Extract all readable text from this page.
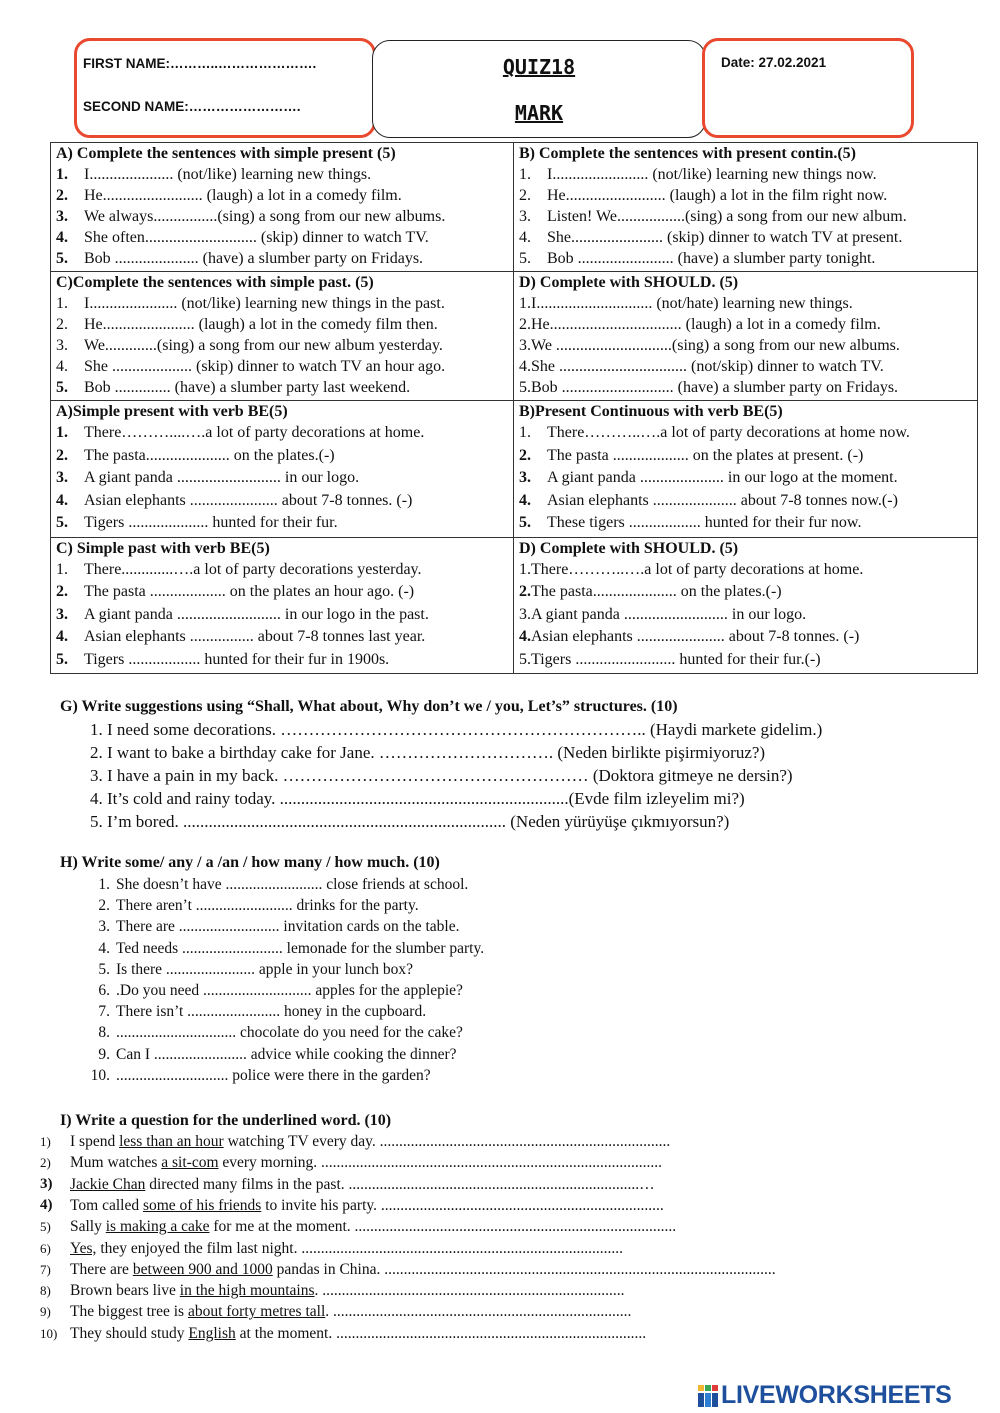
FIRST NAME:………..………………….
SECOND NAME:…………………….
QUIZ18
MARK
Date: 27.02.2021
A) Complete the sentences with simple present (5)
1.	I..................... (not/like) learning new things.
2.	He......................... (laugh) a lot in a comedy film.
3.	We always................(sing) a song from our new albums.
4.	She often............................ (skip) dinner to watch TV.
5.	Bob ..................... (have) a slumber party on Fridays.
B) Complete the sentences with present contin.(5)
1.	I........................ (not/like) learning new things now.
2.	He......................... (laugh) a lot in the film right now.
3.	Listen! We.................(sing) a song from our new album.
4.	She....................... (skip) dinner to watch TV at present.
5.	Bob ........................ (have) a slumber party tonight.
C)Complete the sentences with simple past. (5)
1.	I...................... (not/like) learning new things in the past.
2.	He....................... (laugh) a lot in the comedy film then.
3.	We.............(sing) a song from our new album yesterday.
4.	She .................... (skip) dinner to watch TV an hour ago.
5.	Bob .............. (have) a slumber party last weekend.
D) Complete with SHOULD. (5)
1. I............................. (not/hate) learning new things.
2. He................................. (laugh) a lot in a comedy film.
3. We .............................(sing) a song from our new albums.
4. She ................................ (not/skip) dinner to watch TV.
5. Bob ............................ (have) a slumber party on Fridays.
A)Simple present with verb BE(5)
1.	There………....….a lot of party decorations at home.
2.	The pasta..................... on the plates.(-)
3.	A giant panda .......................... in our logo.
4.	Asian elephants ...................... about 7-8 tonnes. (-)
5.	Tigers .................... hunted for their fur.
B)Present Continuous with verb BE(5)
1.	There………..….a lot of party decorations at home now.
2.	The pasta ................... on the plates at present. (-)
3.	A giant panda ..................... in our logo at the moment.
4.	Asian elephants ..................... about 7-8 tonnes now.(-)
5.	These tigers .................. hunted for their fur now.
C) Simple past with verb BE(5)
1.	There.............….a lot of party decorations yesterday.
2.	The pasta ................... on the plates an hour ago. (-)
3.	A giant panda .......................... in our logo in the past.
4.	Asian elephants ................ about 7-8 tonnes last year.
5.	Tigers .................. hunted for their fur in 1900s.
D) Complete with SHOULD. (5)
1. There………..….a lot of party decorations at home.
2. The pasta..................... on the plates.(-)
3. A giant panda .......................... in our logo.
4. Asian elephants ...................... about 7-8 tonnes. (-)
5. Tigers ......................... hunted for their fur.(-)
G) Write suggestions using “Shall, What about, Why don’t we / you, Let’s” structures. (10)
1. I need some decorations. ……………………………………………………….. (Haydi markete gidelim.)
2. I want to bake a birthday cake for Jane. …………………………. (Neden birlikte pişirmiyoruz?)
3. I have a pain in my back. ……………………………………………… (Doktora gitmeye ne dersin?)
4. It’s cold and rainy today. ....................................................................(Evde film izleyelim mi?)
5. I’m bored. ............................................................................ (Neden yürüyüşe çıkmıyorsun?)
H) Write some/ any / a /an / how many / how much. (10)
1. She doesn’t have ......................... close friends at school.
2. There aren’t ......................... drinks for the party.
3. There are .......................... invitation cards on the table.
4. Ted needs .......................... lemonade for the slumber party.
5. Is there ....................... apple in your lunch box?
6. .Do you need ............................ apples for the applepie?
7. There isn’t ........................ honey in the cupboard.
8. ............................... chocolate do you need for the cake?
9. Can I ........................ advice while cooking the dinner?
10. ............................. police were there in the garden?
I) Write a question for the underlined word. (10)
1)	I spend less than an hour watching TV every day. ...........................................................................
2)	Mum watches a sit-com every morning. ........................................................................................
3)	Jackie Chan directed many films in the past. ...........................................................................…
4)	Tom called some of his friends to invite his party. .........................................................................
5)	Sally is making a cake for me at the moment. ...................................................................................
6)	Yes, they enjoyed the film last night. ...................................................................................
7)	There are between 900 and 1000 pandas in China. .....................................................................................................
8)	Brown bears live in the high mountains. ..............................................................................
9)	The biggest tree is about forty metres tall. .............................................................................
10) They should study English at the moment. ................................................................................
LIVEWORKSHEETS
